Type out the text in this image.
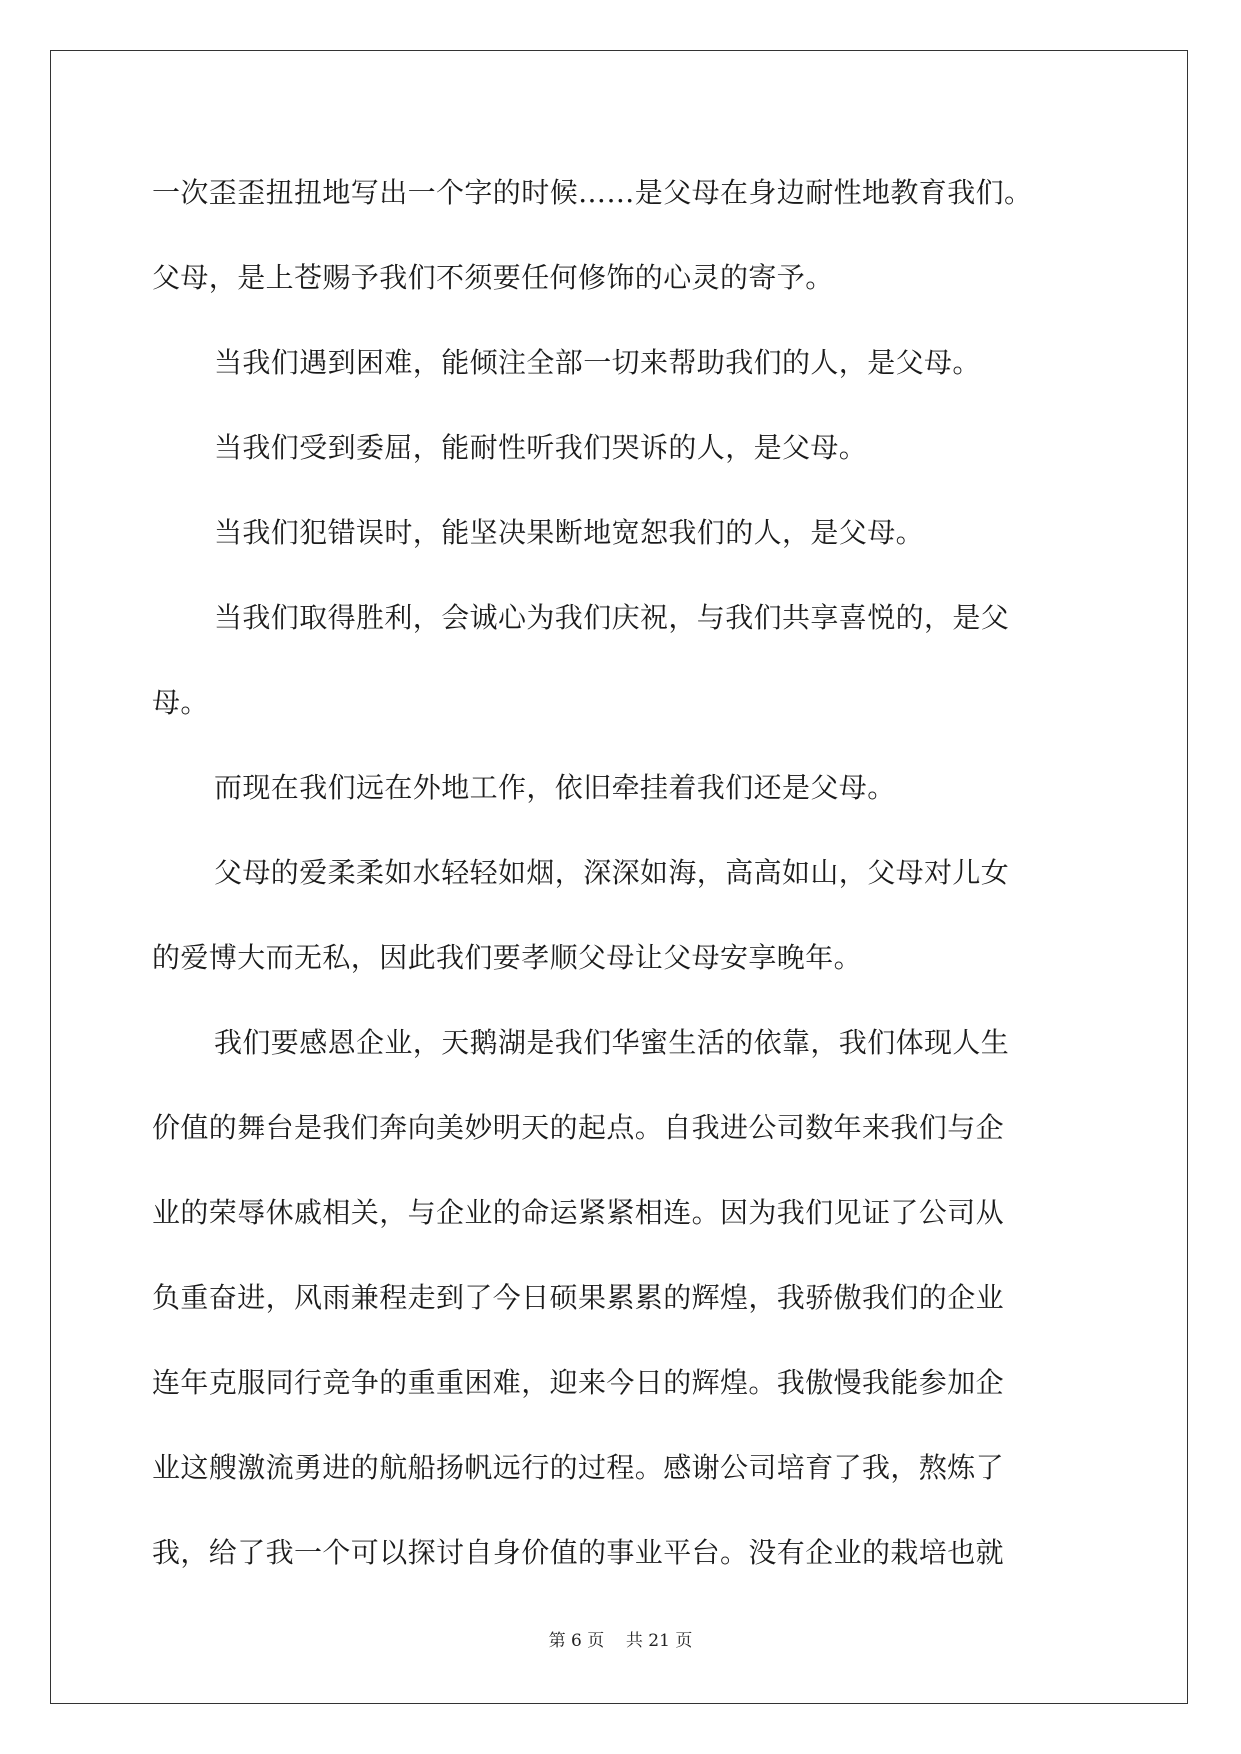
一次歪歪扭扭地写出一个字的时候……是父母在身边耐性地教育我们。
父母，是上苍赐予我们不须要任何修饰的心灵的寄予。
当我们遇到困难，能倾注全部一切来帮助我们的人，是父母。
当我们受到委屈，能耐性听我们哭诉的人，是父母。
当我们犯错误时，能坚决果断地宽恕我们的人，是父母。
当我们取得胜利，会诚心为我们庆祝，与我们共享喜悦的，是父
母。
而现在我们远在外地工作，依旧牵挂着我们还是父母。
父母的爱柔柔如水轻轻如烟，深深如海，高高如山，父母对儿女
的爱博大而无私，因此我们要孝顺父母让父母安享晚年。
我们要感恩企业，天鹅湖是我们华蜜生活的依靠，我们体现人生
价值的舞台是我们奔向美妙明天的起点。自我进公司数年来我们与企
业的荣辱休戚相关，与企业的命运紧紧相连。因为我们见证了公司从
负重奋进，风雨兼程走到了今日硕果累累的辉煌，我骄傲我们的企业
连年克服同行竞争的重重困难，迎来今日的辉煌。我傲慢我能参加企
业这艘激流勇进的航船扬帆远行的过程。感谢公司培育了我，熬炼了
我，给了我一个可以探讨自身价值的事业平台。没有企业的栽培也就
第 6 页    共 21 页
